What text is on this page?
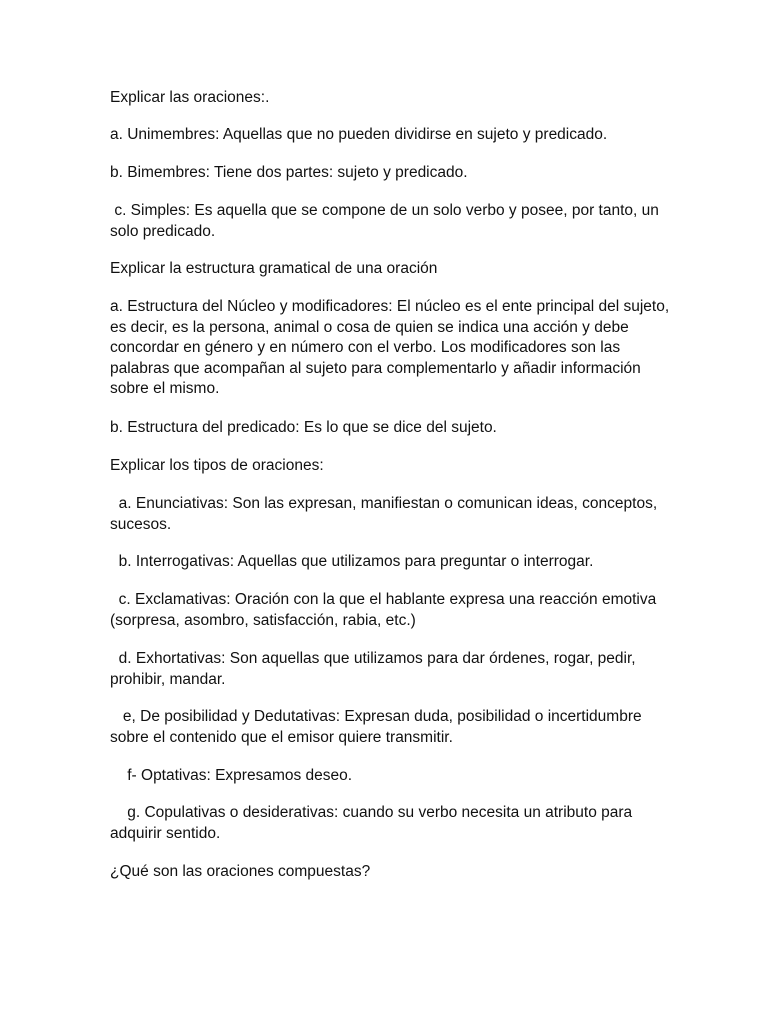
Explicar las oraciones:.

a. Unimembres: Aquellas que no pueden dividirse en sujeto y predicado.

b. Bimembres: Tiene dos partes: sujeto y predicado.

c. Simples: Es aquella que se compone de un solo verbo y posee, por tanto, un solo predicado.

Explicar la estructura gramatical de una oración

a. Estructura del Núcleo y modificadores: El núcleo es el ente principal del sujeto, es decir, es la persona, animal o cosa de quien se indica una acción y debe concordar en género y en número con el verbo. Los modificadores son las palabras que acompañan al sujeto para complementarlo y añadir información sobre el mismo.

b. Estructura del predicado: Es lo que se dice del sujeto.

Explicar los tipos de oraciones:

a. Enunciativas: Son las expresan, manifiestan o comunican ideas, conceptos, sucesos.

b. Interrogativas: Aquellas que utilizamos para preguntar o interrogar.

c. Exclamativas: Oración con la que el hablante expresa una reacción emotiva (sorpresa, asombro, satisfacción, rabia, etc.)

d. Exhortativas: Son aquellas que utilizamos para dar órdenes, rogar, pedir, prohibir, mandar.

e, De posibilidad y Dedutativas: Expresan duda, posibilidad o incertidumbre sobre el contenido que el emisor quiere transmitir.

f- Optativas: Expresamos deseo.

g. Copulativas o desiderativas: cuando su verbo necesita un atributo para adquirir sentido.

¿Qué son las oraciones compuestas?
